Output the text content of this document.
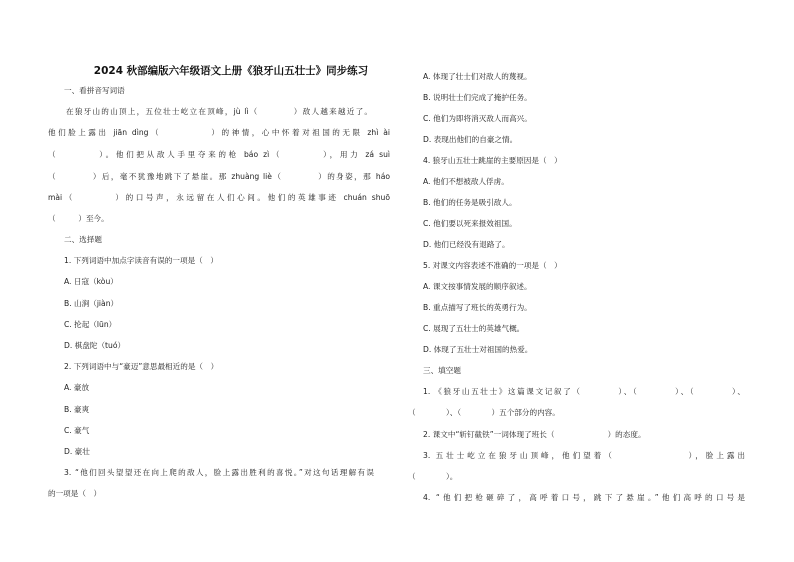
2024 秋部编版六年级语文上册《狼牙山五壮士》同步练习
一、看拼音写词语
在狼牙山的山顶上，五位壮士屹立在顶峰，jù lì（　　　　）敌人越来越近了。
他们脸上露出 jiān dìng（　　　　　）的神情，心中怀着对祖国的无限 zhì ài
（　　　　）。他们把从敌人手里夺来的枪 báo zì（　　　　），用力 zá suì
（　　　　）后，毫不犹豫地跳下了悬崖。那 zhuàng liè（　　　　）的身姿，那 háo
mài（　　　　）的口号声，永远留在人们心间。他们的英雄事迹 chuán shuō
（　　　）至今。
二、选择题
1. 下列词语中加点字读音有误的一项是（　）
A. 日寇（kòu）
B. 山涧（jiàn）
C. 抡起（lūn）
D. 棋盘陀（tuó）
2. 下列词语中与“豪迈”意思最相近的是（　）
A. 豪放
B. 豪爽
C. 豪气
D. 豪壮
3. “他们回头望望还在向上爬的敌人，脸上露出胜利的喜悦。”对这句话理解有误
的一项是（　）
A. 体现了壮士们对敌人的蔑视。
B. 说明壮士们完成了掩护任务。
C. 他们为即将消灭敌人而高兴。
D. 表现出他们的自豪之情。
4. 狼牙山五壮士跳崖的主要原因是（　）
A. 他们不想被敌人俘虏。
B. 他们的任务是吸引敌人。
C. 他们要以死来报效祖国。
D. 他们已经没有退路了。
5. 对课文内容表述不准确的一项是（　）
A. 课文按事情发展的顺序叙述。
B. 重点描写了班长的英勇行为。
C. 展现了五壮士的英雄气概。
D. 体现了五壮士对祖国的热爱。
三、填空题
1. 《狼牙山五壮士》这篇课文记叙了（　　　　）、（　　　　）、（　　　　）、
（　　　　）、（　　　　）五个部分的内容。
2. 课文中“斩钉截铁”一词体现了班长（　　　　　　　）的态度。
3. 五壮士屹立在狼牙山顶峰，他们望着（　　　　　　　），脸上露出
（　　　　）。
4. “他们把枪砸碎了，高呼着口号，跳下了悬崖。”他们高呼的口号是
